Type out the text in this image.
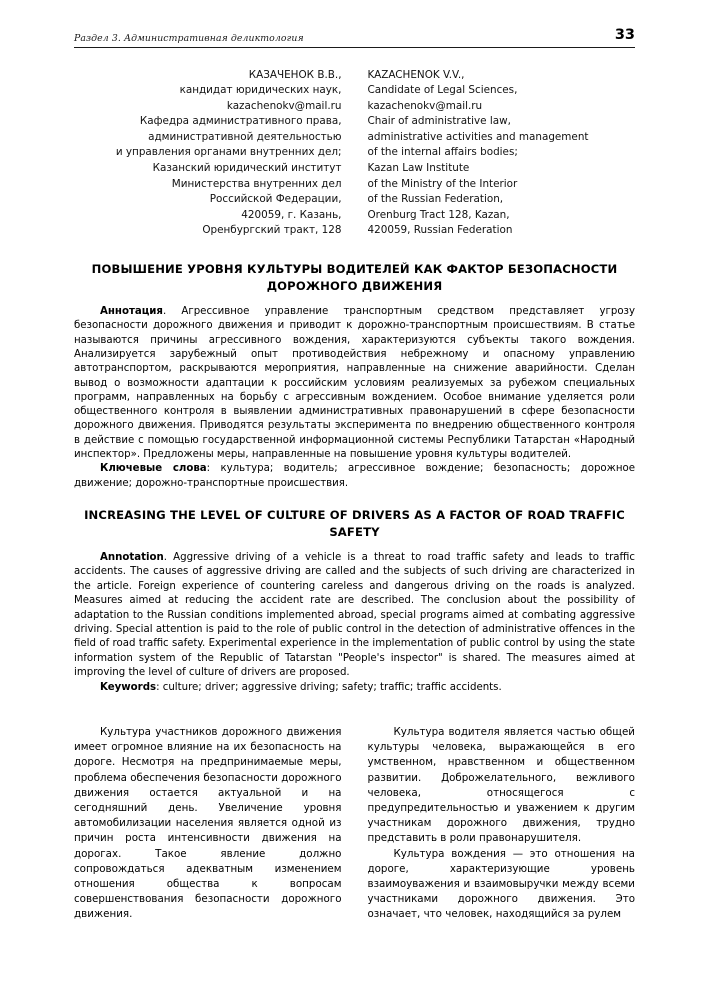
Раздел 3. Административная деликтология	33
КАЗАЧЕНОК В.В.,
кандидат юридических наук,
kazachenokv@mail.ru
Кафедра административного права,
административной деятельностью
и управления органами внутренних дел;
Казанский юридический институт
Министерства внутренних дел
Российской Федерации,
420059, г. Казань,
Оренбургский тракт, 128
KAZACHENOK V.V.,
Candidate of Legal Sciences,
kazachenokv@mail.ru
Chair of administrative law,
administrative activities and management
of the internal affairs bodies;
Kazan Law Institute
of the Ministry of the Interior
of the Russian Federation,
Orenburg Tract 128, Kazan,
420059, Russian Federation
ПОВЫШЕНИЕ УРОВНЯ КУЛЬТУРЫ ВОДИТЕЛЕЙ КАК ФАКТОР БЕЗОПАСНОСТИ ДОРОЖНОГО ДВИЖЕНИЯ

Аннотация. Агрессивное управление транспортным средством представляет угрозу безопасности дорожного движения и приводит к дорожно-транспортным происшествиям. В статье называются причины агрессивного вождения, характеризуются субъекты такого вождения. Анализируется зарубежный опыт противодействия небрежному и опасному управлению автотранспортом, раскрываются мероприятия, направленные на снижение аварийности. Сделан вывод о возможности адаптации к российским условиям реализуемых за рубежом специальных программ, направленных на борьбу с агрессивным вождением. Особое внимание уделяется роли общественного контроля в выявлении административных правонарушений в сфере безопасности дорожного движения. Приводятся результаты эксперимента по внедрению общественного контроля в действие с помощью государственной информационной системы Республики Татарстан «Народный инспектор». Предложены меры, направленные на повышение уровня культуры водителей.

Ключевые слова: культура; водитель; агрессивное вождение; безопасность; дорожное движение; дорожно-транспортные происшествия.

INCREASING THE LEVEL OF CULTURE OF DRIVERS AS A FACTOR OF ROAD TRAFFIC SAFETY

Annotation. Aggressive driving of a vehicle is a threat to road traffic safety and leads to traffic accidents. The causes of aggressive driving are called and the subjects of such driving are characterized in the article. Foreign experience of countering careless and dangerous driving on the roads is analyzed. Measures aimed at reducing the accident rate are described. The conclusion about the possibility of adaptation to the Russian conditions implemented abroad, special programs aimed at combating aggressive driving. Special attention is paid to the role of public control in the detection of administrative offences in the field of road traffic safety. Experimental experience in the implementation of public control by using the state information system of the Republic of Tatarstan "People's inspector" is shared. The measures aimed at improving the level of culture of drivers are proposed.

Keywords: culture; driver; aggressive driving; safety; traffic; traffic accidents.

Культура участников дорожного движения имеет огромное влияние на их безопасность на дороге. Несмотря на предпринимаемые меры, проблема обеспечения безопасности дорожного движения остается актуальной и на сегодняшний день. Увеличение уровня автомобилизации населения является одной из причин роста интенсивности движения на дорогах. Такое явление должно сопровождаться адекватным изменением отношения общества к вопросам совершенствования безопасности дорожного движения.

Культура водителя является частью общей культуры человека, выражающейся в его умственном, нравственном и общественном развитии. Доброжелательного, вежливого человека, относящегося с предупредительностью и уважением к другим участникам дорожного движения, трудно представить в роли правонарушителя.

Культура вождения — это отношения на дороге, характеризующие уровень взаимоуважения и взаимовыручки между всеми участниками дорожного движения. Это означает, что человек, находящийся за рулем
